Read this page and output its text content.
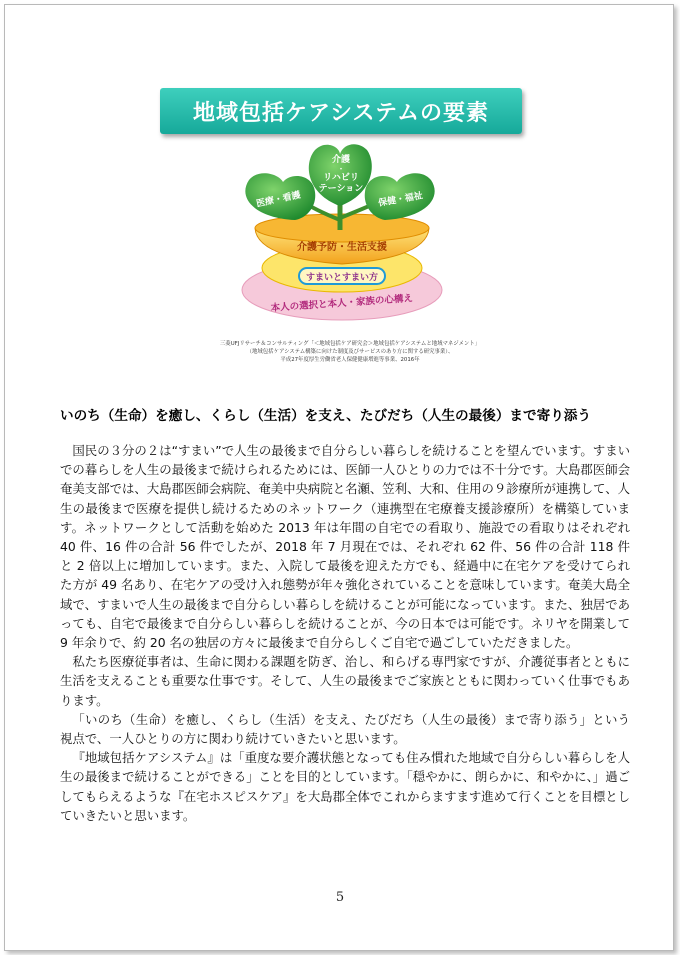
地域包括ケアシステムの要素
介護
・
リハビリ
テーション
医療・看護	保健・福祉
介護予防・生活支援
すまいとすまい方
本人の選択と本人・家族の心構え
三菱UFJリサーチ＆コンサルティング「＜地域包括ケア研究会＞地域包括ケアシステムと地域マネジメント」
（地域包括ケアシステム構築に向けた制度及びサービスのあり方に関する研究事業）、
平成27年度厚生労働省老人保健健康増進等事業、2016年
いのち（生命）を癒し、くらし（生活）を支え、たびだち（人生の最後）まで寄り添う

国民の３分の２は“すまい”で人生の最後まで自分らしい暮らしを続けることを望んでいます。すまいでの暮らしを人生の最後まで続けられるためには、医師一人ひとりの力では不十分です。大島郡医師会奄美支部では、大島郡医師会病院、奄美中央病院と名瀬、笠利、大和、住用の９診療所が連携して、人生の最後まで医療を提供し続けるためのネットワーク（連携型在宅療養支援診療所）を構築しています。ネットワークとして活動を始めた 2013 年は年間の自宅での看取り、施設での看取りはそれぞれ 40 件、16 件の合計 56 件でしたが、2018 年 7 月現在では、それぞれ 62 件、56 件の合計 118 件と 2 倍以上に増加しています。また、入院して最後を迎えた方でも、経過中に在宅ケアを受けてられた方が 49 名あり、在宅ケアの受け入れ態勢が年々強化されていることを意味しています。奄美大島全域で、すまいで人生の最後まで自分らしい暮らしを続けることが可能になっています。また、独居であっても、自宅で最後まで自分らしい暮らしを続けることが、今の日本では可能です。ネリヤを開業して 9 年余りで、約 20 名の独居の方々に最後まで自分らしくご自宅で過ごしていただきました。

私たち医療従事者は、生命に関わる課題を防ぎ、治し、和らげる専門家ですが、介護従事者とともに生活を支えることも重要な仕事です。そして、人生の最後までご家族とともに関わっていく仕事でもあります。

「いのち（生命）を癒し、くらし（生活）を支え、たびだち（人生の最後）まで寄り添う」という視点で、一人ひとりの方に関わり続けていきたいと思います。

『地域包括ケアシステム』は「重度な要介護状態となっても住み慣れた地域で自分らしい暮らしを人生の最後まで続けることができる」ことを目的としています。「穏やかに、朗らかに、和やかに、」過ごしてもらえるような『在宅ホスピスケア』を大島郡全体でこれからますます進めて行くことを目標としていきたいと思います。

5
